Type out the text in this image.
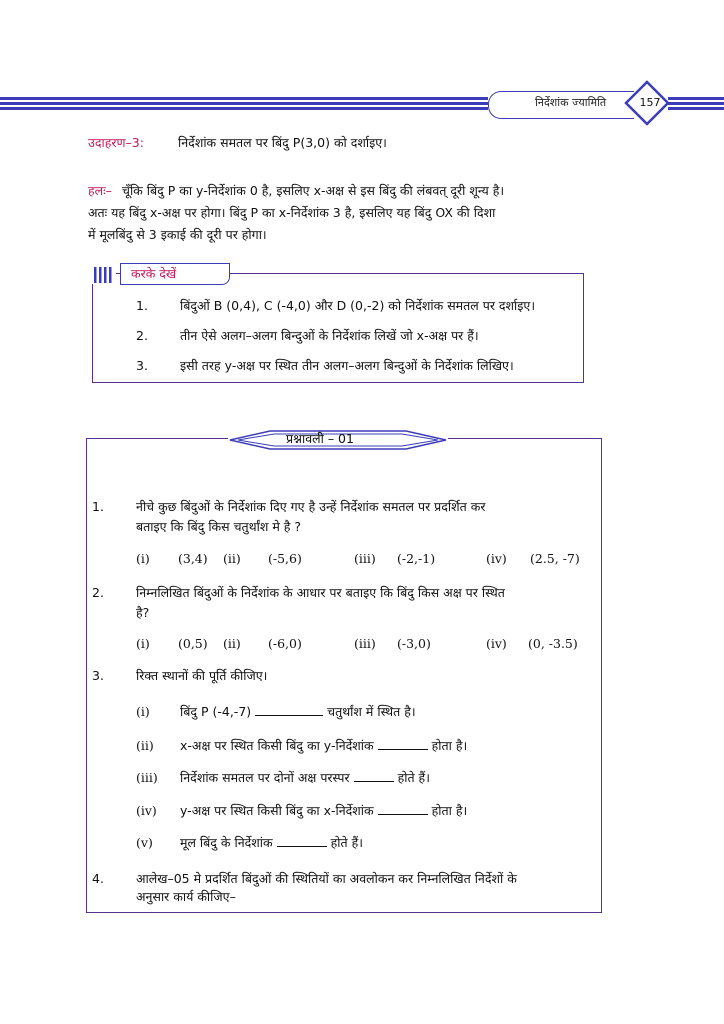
निर्देशांक ज्यामिति	157
उदाहरण–3:	निर्देशांक समतल पर बिंदु P(3,0) को दर्शाइए।
हलः– चूँकि बिंदु P का y-निर्देशांक 0 है, इसलिए x-अक्ष से इस बिंदु की लंबवत् दूरी शून्य है।
अतः यह बिंदु x-अक्ष पर होगा। बिंदु P का x-निर्देशांक 3 है, इसलिए यह बिंदु OX की दिशा
में मूलबिंदु से 3 इकाई की दूरी पर होगा।
करके देखें
1.	बिंदुओं B (0,4), C (-4,0) और D (0,-2) को निर्देशांक समतल पर दर्शाइए।
2.	तीन ऐसे अलग–अलग बिन्दुओं के निर्देशांक लिखें जो x-अक्ष पर हैं।
3.	इसी तरह y-अक्ष पर स्थित तीन अलग–अलग बिन्दुओं के निर्देशांक लिखिए।
प्रश्नावली – 01
1.	नीचे कुछ बिंदुओं के निर्देशांक दिए गए है उन्हें निर्देशांक समतल पर प्रदर्शित कर
बताइए कि बिंदु किस चतुर्थांश मे है ?
(i) (3,4) (ii) (-5,6)	(iii) (-2,-1)	(iv) (2.5, -7)
2.	निम्नलिखित बिंदुओं के निर्देशांक के आधार पर बताइए कि बिंदु किस अक्ष पर स्थित
है?
(i) (0,5) (ii) (-6,0)	(iii) (-3,0)	(iv) (0, -3.5)
3.	रिक्त स्थानों की पूर्ति कीजिए।
(i) बिंदु P (-4,-7)	चतुर्थांश में स्थित है।
(ii) x-अक्ष पर स्थित किसी बिंदु का y-निर्देशांक	होता है।
(iii) निर्देशांक समतल पर दोनों अक्ष परस्पर	होते हैं।
(iv) y-अक्ष पर स्थित किसी बिंदु का x-निर्देशांक	होता है।
(v) मूल बिंदु के निर्देशांक	होते हैं।
4.	आलेख–05 मे प्रदर्शित बिंदुओं की स्थितियों का अवलोकन कर निम्नलिखित निर्देशों के
अनुसार कार्य कीजिए–
